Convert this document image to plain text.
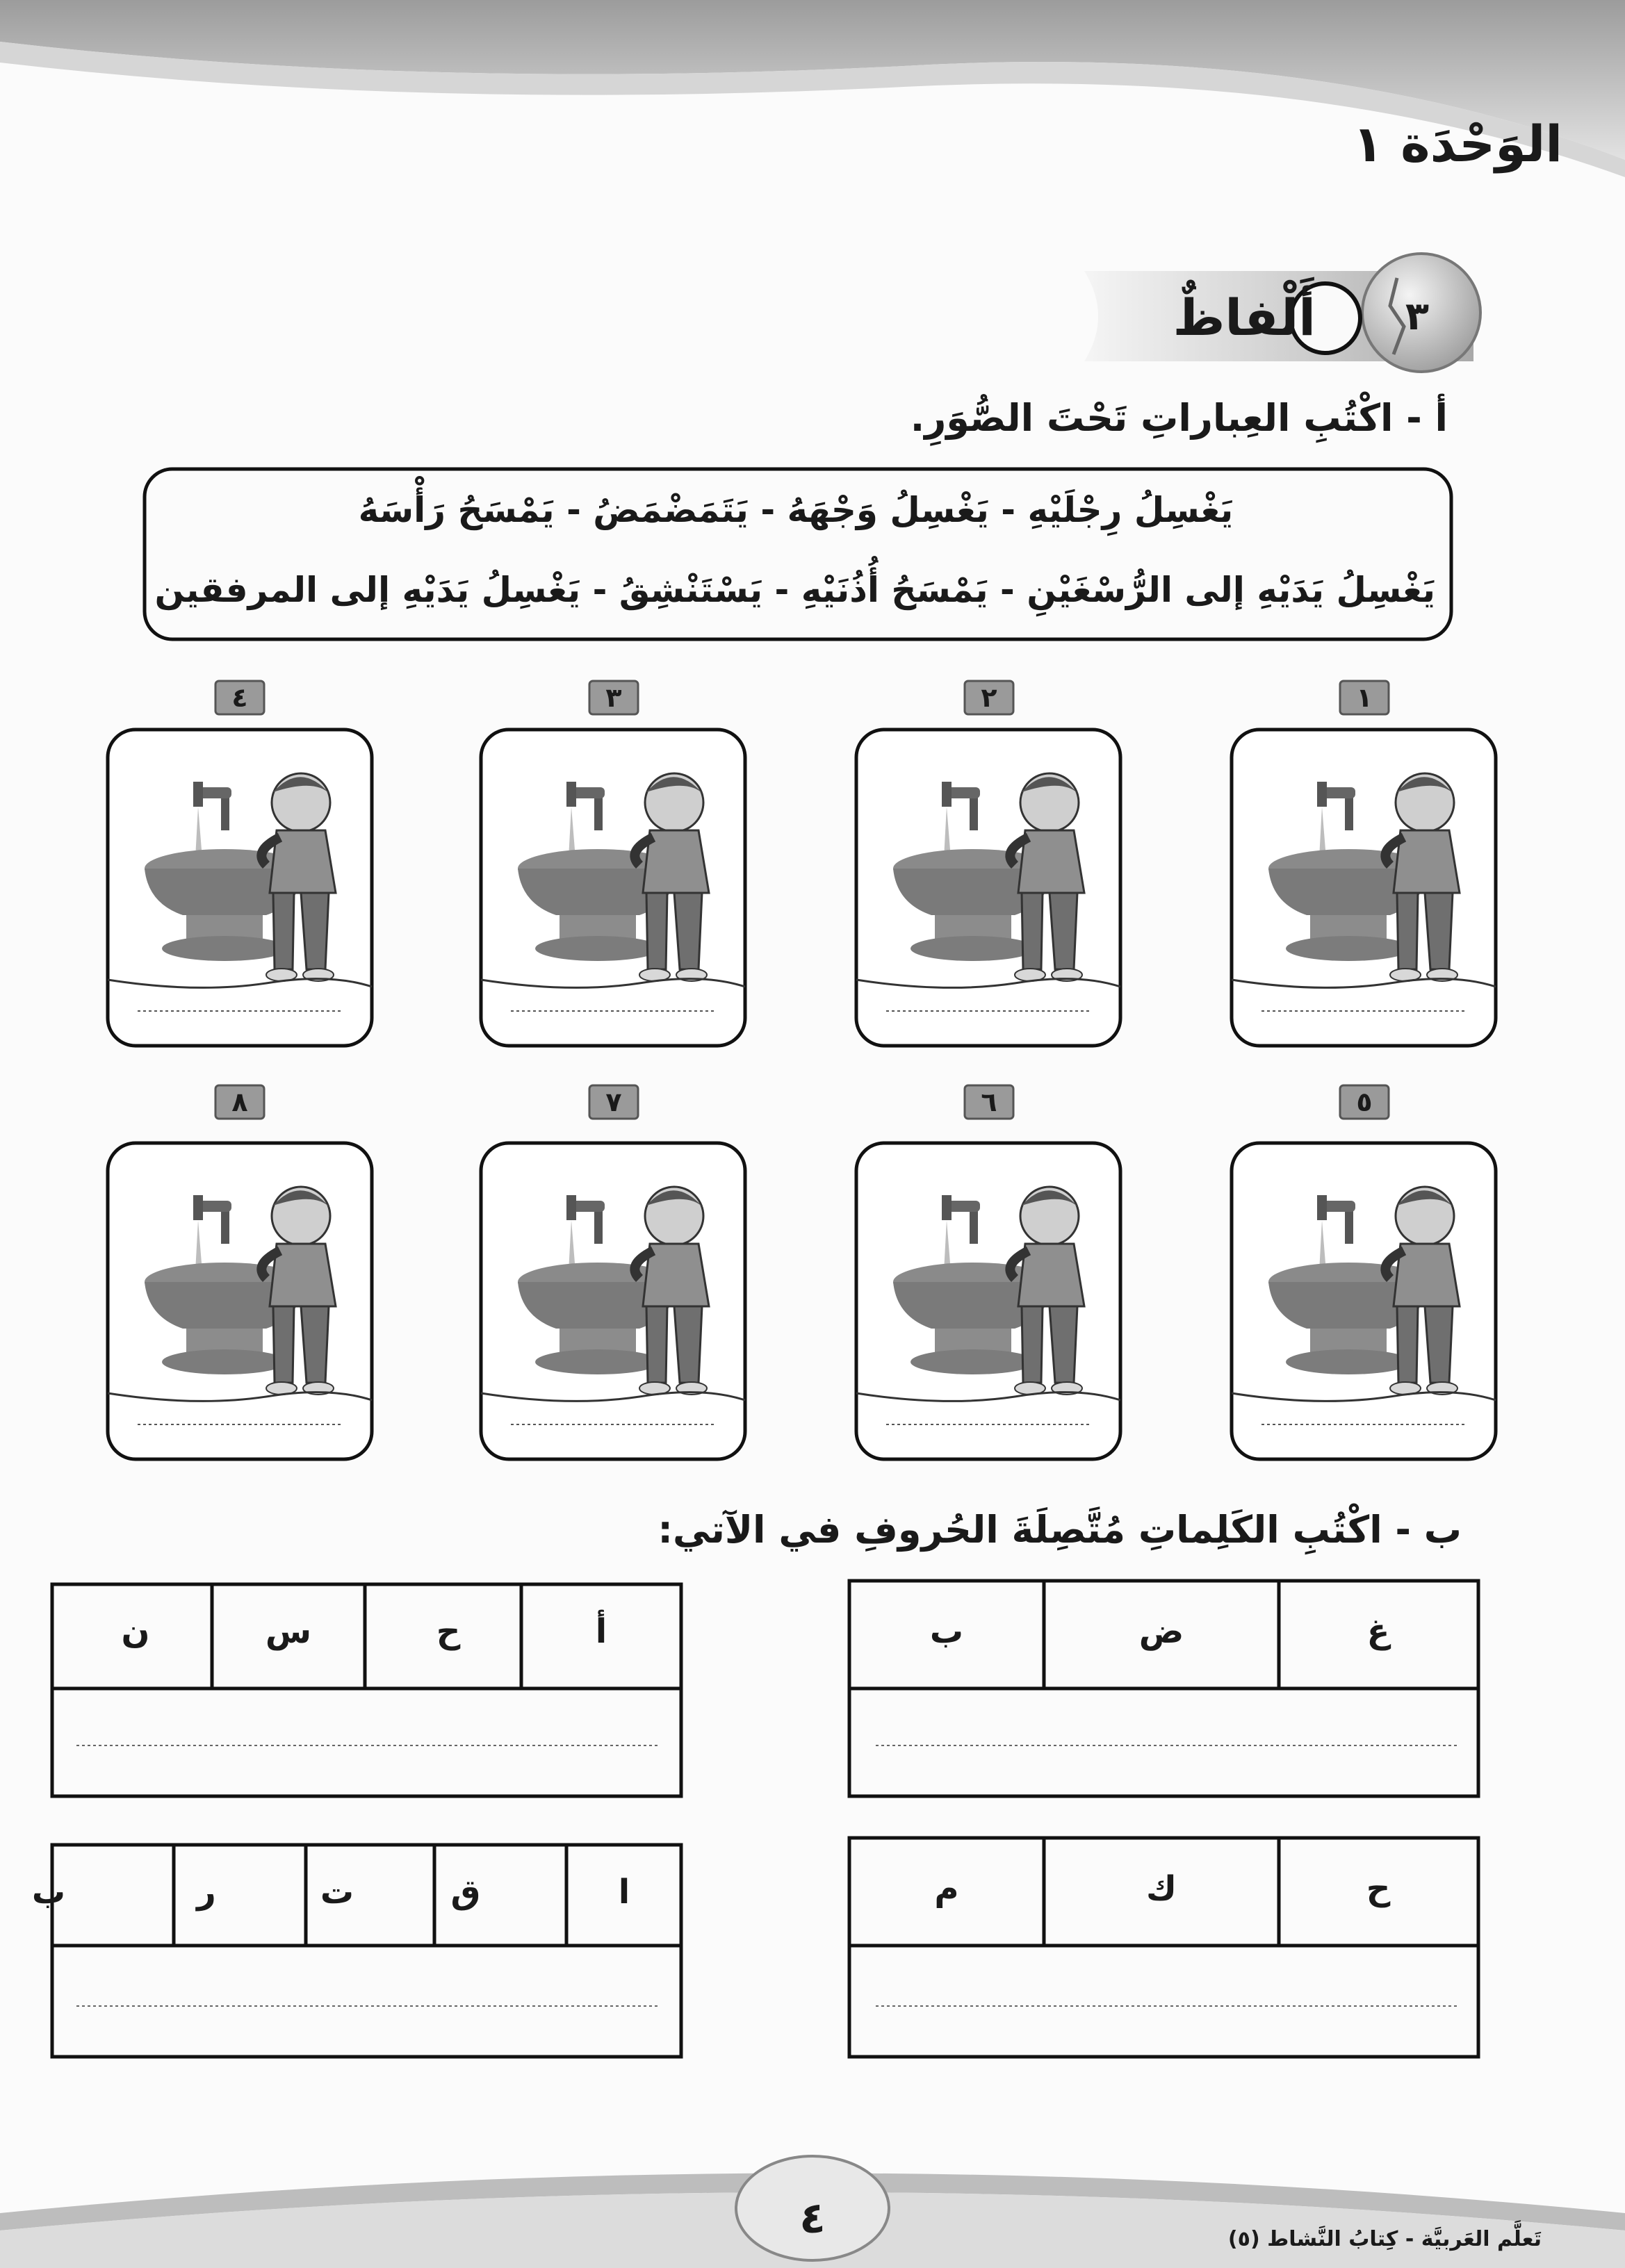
الوَحْدَة ١
٣
أَلْفاظٌ
أ - اكْتُبِ العِباراتِ تَحْتَ الصُّوَرِ.
يَغْسِلُ رِجْلَيْهِ - يَغْسِلُ وَجْهَهُ - يَتَمَضْمَضُ - يَمْسَحُ رَأْسَهُ
يَغْسِلُ يَدَيْهِ إلى الرُّسْغَيْنِ - يَمْسَحُ أُذُنَيْهِ - يَسْتَنْشِقُ - يَغْسِلُ يَدَيْهِ إلى المرفقين
١
٢
٣
٤
٥
٦
٧
٨
ب - اكْتُبِ الكَلِماتِ مُتَّصِلَةَ الحُروفِ في الآتي:
غ
ض
ب
أ
ح
س
ن
ح
ك
م
ا
ق
ت
ر
ب
٤	تَعلَّم العَربيَّة - كِتابُ النَّشاط (٥)
